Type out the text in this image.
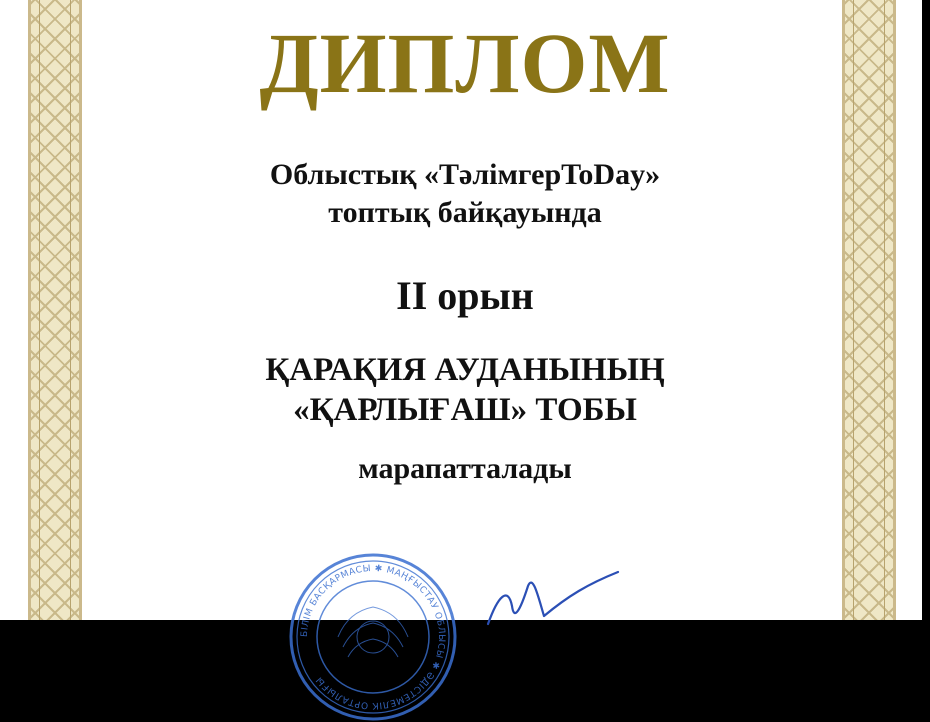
ДИПЛОМ
Облыстық «ТәлімгерToDay»
топтық байқауында
II орын
ҚАРАҚИЯ АУДАНЫНЫҢ
«ҚАРЛЫҒАШ» ТОБЫ
марапатталады
БІЛІМ БАСҚАРМАСЫ ✱ МАҢҒЫСТАУ ОБЛЫСЫ ✱ ӘДІСТЕМЕЛІК ОРТАЛЫҒЫ
